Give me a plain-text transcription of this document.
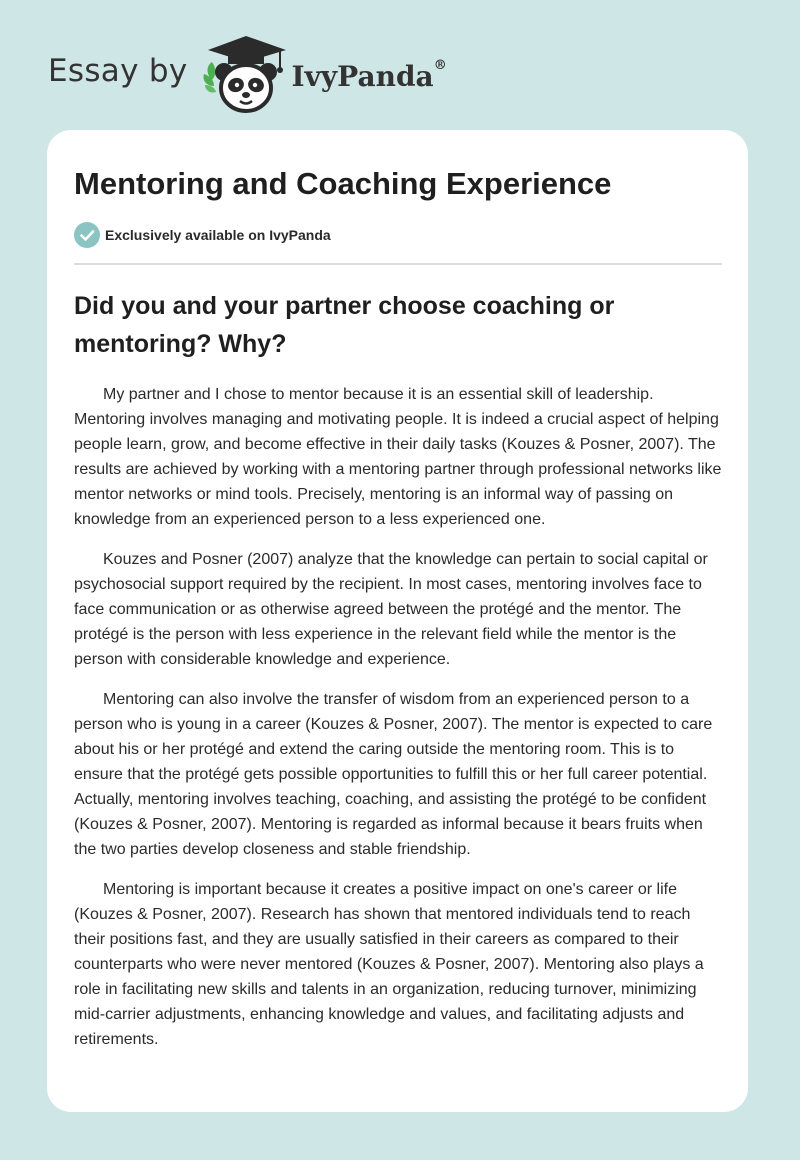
Essay by	IvyPanda®
Mentoring and Coaching Experience
Exclusively available on IvyPanda
Did you and your partner choose coaching or mentoring? Why?

My partner and I chose to mentor because it is an essential skill of leadership. Mentoring involves managing and motivating people. It is indeed a crucial aspect of helping people learn, grow, and become effective in their daily tasks (Kouzes & Posner, 2007). The results are achieved by working with a mentoring partner through professional networks like mentor networks or mind tools. Precisely, mentoring is an informal way of passing on knowledge from an experienced person to a less experienced one.

Kouzes and Posner (2007) analyze that the knowledge can pertain to social capital or psychosocial support required by the recipient. In most cases, mentoring involves face to face communication or as otherwise agreed between the protégé and the mentor. The protégé is the person with less experience in the relevant field while the mentor is the person with considerable knowledge and experience.

Mentoring can also involve the transfer of wisdom from an experienced person to a person who is young in a career (Kouzes & Posner, 2007). The mentor is expected to care about his or her protégé and extend the caring outside the mentoring room. This is to ensure that the protégé gets possible opportunities to fulfill this or her full career potential. Actually, mentoring involves teaching, coaching, and assisting the protégé to be confident (Kouzes & Posner, 2007). Mentoring is regarded as informal because it bears fruits when the two parties develop closeness and stable friendship.

Mentoring is important because it creates a positive impact on one's career or life (Kouzes & Posner, 2007). Research has shown that mentored individuals tend to reach their positions fast, and they are usually satisfied in their careers as compared to their counterparts who were never mentored (Kouzes & Posner, 2007). Mentoring also plays a role in facilitating new skills and talents in an organization, reducing turnover, minimizing mid-carrier adjustments, enhancing knowledge and values, and facilitating adjusts and retirements.
